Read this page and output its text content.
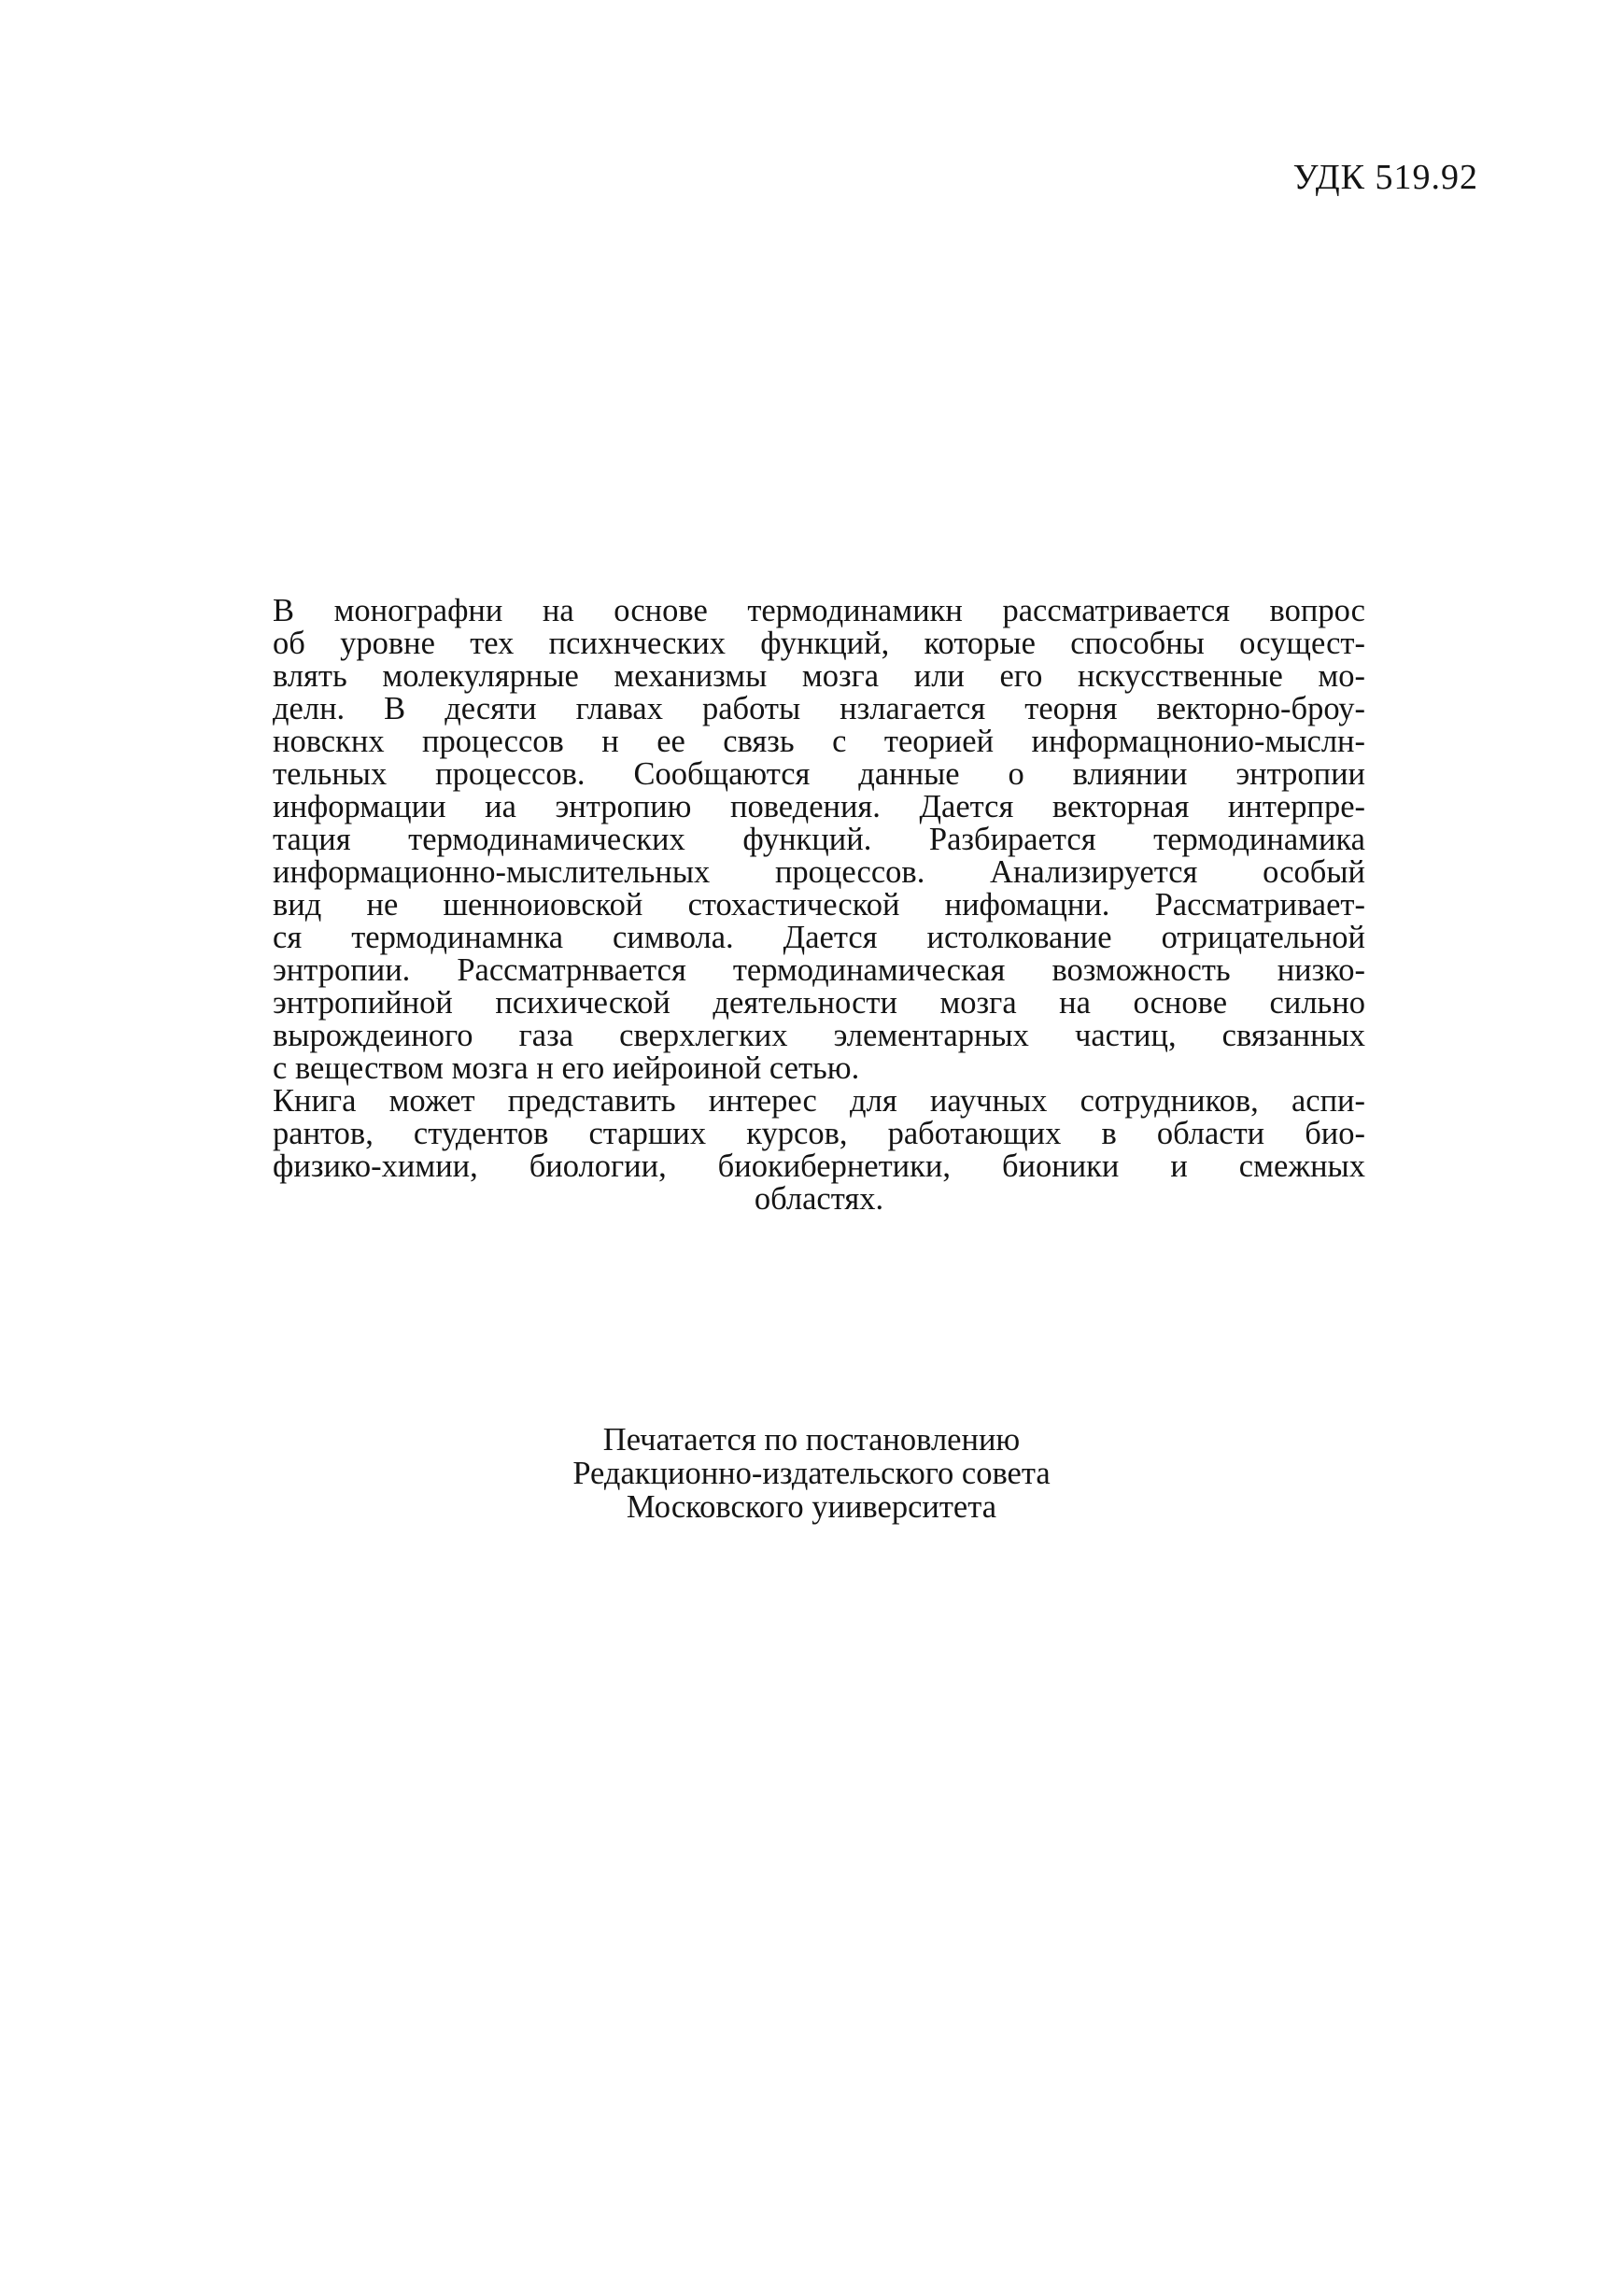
УДК 519.92
В монографни на основе термодинамикн рассматривается вопрос
об уровне тех психнческих функций, которые способны осущест-
влять молекулярные механизмы мозга или его нскусственные мо-
делн. В десяти главах работы нзлагается теорня векторно-броу-
новскнх процессов н ее связь с теорией информацнонио-мыслн-
тельных процессов. Сообщаются данные о влиянии энтропии
информации иа энтропию поведения. Дается векторная интерпре-
тация термодинамических функций. Разбирается термодинамика
информационно-мыслительных процессов. Анализируется особый
вид не шенноиовской стохастической нифомацни. Рассматривает-
ся термодинамнка символа. Дается истолкование отрицательной
энтропии. Рассматрнвается термодинамическая возможность низко-
энтропийной психической деятельности мозга на основе сильно
вырождеиного газа сверхлегких элементарных частиц, связанных
с веществом мозга н его иейроиной сетью.
Книга может представить интерес для иаучных сотрудников, аспи-
рантов, студентов старших курсов, работающих в области био-
физико-химии, биологии, биокибернетики, бионики и смежных
областях.
Печатается по постановлению
Редакционно-издательского совета
Московского уииверситета
